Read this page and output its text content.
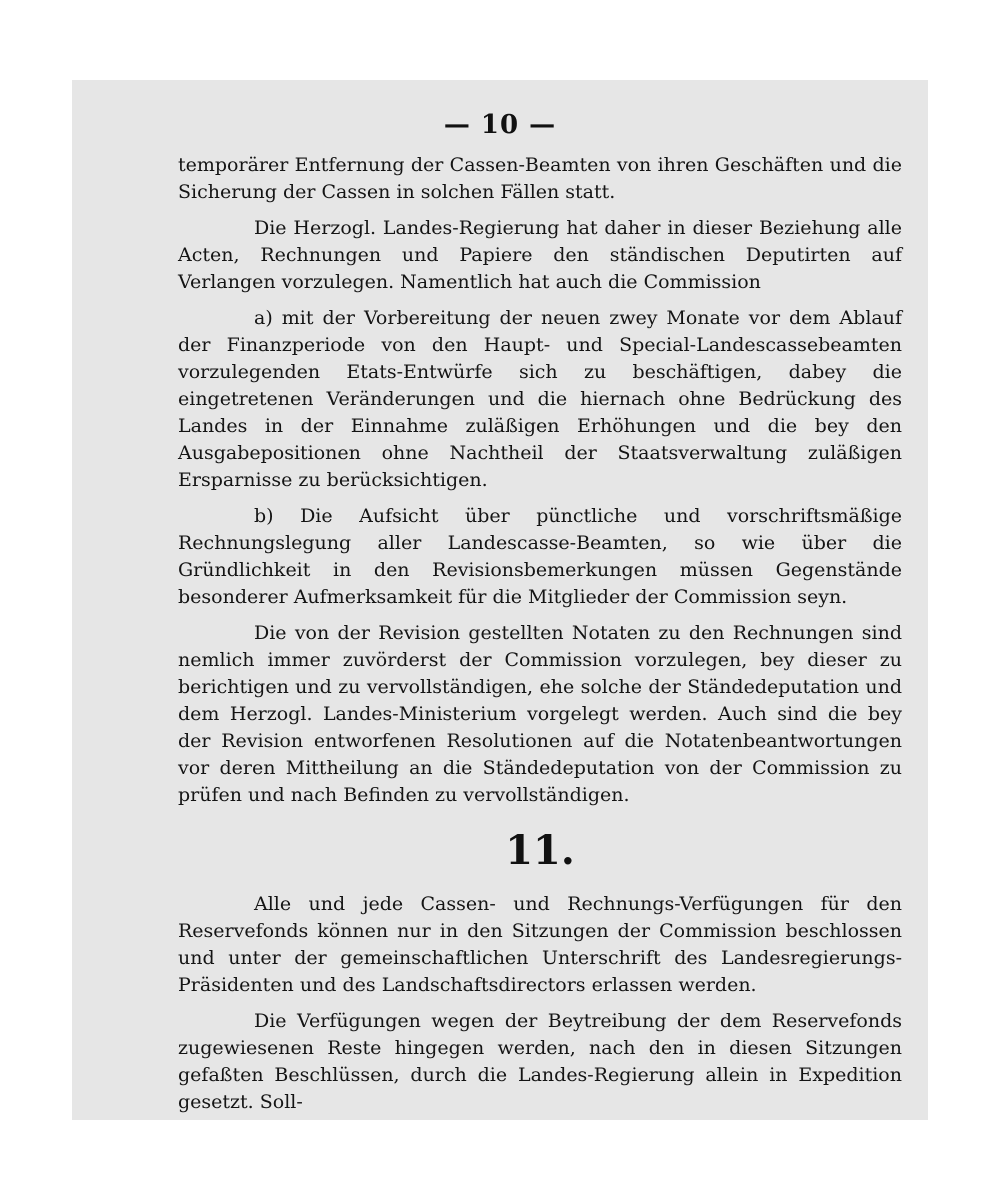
— 10 —

temporärer Entfernung der Cassen-Beamten von ihren Geschäften und die Sicherung der Cassen in solchen Fällen statt.

Die Herzogl. Landes-Regierung hat daher in dieser Beziehung alle Acten, Rechnungen und Papiere den ständischen Deputirten auf Verlangen vorzulegen. Namentlich hat auch die Commission

a) mit der Vorbereitung der neuen zwey Monate vor dem Ablauf der Finanzperiode von den Haupt- und Special-Landescassebeamten vorzulegenden Etats-Entwürfe sich zu beschäftigen, dabey die eingetretenen Veränderungen und die hiernach ohne Bedrückung des Landes in der Einnahme zuläßigen Erhöhungen und die bey den Ausgabepositionen ohne Nachtheil der Staatsverwaltung zuläßigen Ersparnisse zu berücksichtigen.

b) Die Aufsicht über pünctliche und vorschriftsmäßige Rechnungslegung aller Landescasse-Beamten, so wie über die Gründlichkeit in den Revisionsbemerkungen müssen Gegenstände besonderer Aufmerksamkeit für die Mitglieder der Commission seyn.

Die von der Revision gestellten Notaten zu den Rechnungen sind nemlich immer zuvörderst der Commission vorzulegen, bey dieser zu berichtigen und zu vervollständigen, ehe solche der Ständedeputation und dem Herzogl. Landes-Ministerium vorgelegt werden. Auch sind die bey der Revision entworfenen Resolutionen auf die Notatenbeantwortungen vor deren Mittheilung an die Ständedeputation von der Commission zu prüfen und nach Befinden zu vervollständigen.

11.

Alle und jede Cassen- und Rechnungs-Verfügungen für den Reservefonds können nur in den Sitzungen der Commission beschlossen und unter der gemeinschaftlichen Unterschrift des Landesregierungs-Präsidenten und des Landschaftsdirectors erlassen werden.

Die Verfügungen wegen der Beytreibung der dem Reservefonds zugewiesenen Reste hingegen werden, nach den in diesen Sitzungen gefaßten Beschlüssen, durch die Landes-Regierung allein in Expedition gesetzt. Soll-
